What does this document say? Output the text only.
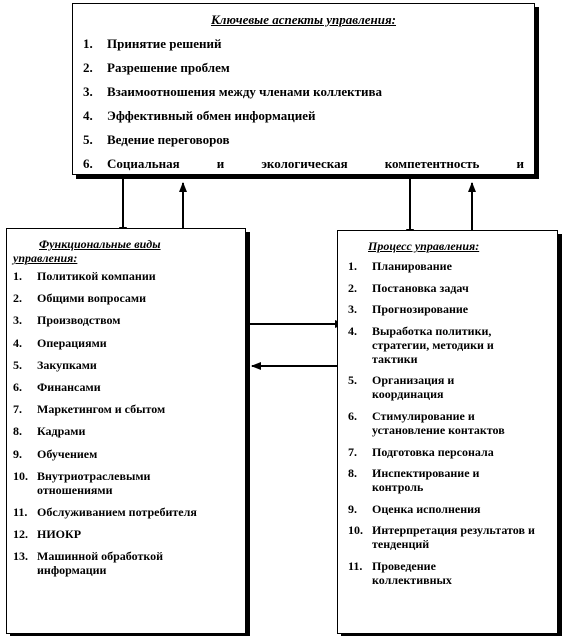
Ключевые аспекты управления:
1.	Принятие решений
2.	Разрешение проблем
3.	Взаимоотношения между членами коллектива
4.	Эффективный обмен информацией
5.	Ведение переговоров
6.	Социальная	и	экологическая	компетентность	и
Функциональные виды
управления:
1.	Политикой компании
2.	Общими вопросами
3.	Производством
4.	Операциями
5.	Закупками
6.	Финансами
7.	Маркетингом и сбытом
8.	Кадрами
9.	Обучением
10. Внутриотраслевыми отношениями
11. Обслуживанием потребителя
12. НИОКР
13. Машинной обработкой информации
Процесс управления:
1.	Планирование
2.	Постановка задач
3.	Прогнозирование
4.	Выработка политики, стратегии, методики и тактики
5.	Организация и координация
6.	Стимулирование и установление контактов
7.	Подготовка персонала
8.	Инспектирование и контроль
9.	Оценка исполнения
10. Интерпретация результатов и тенденций
11. Проведение коллективных
